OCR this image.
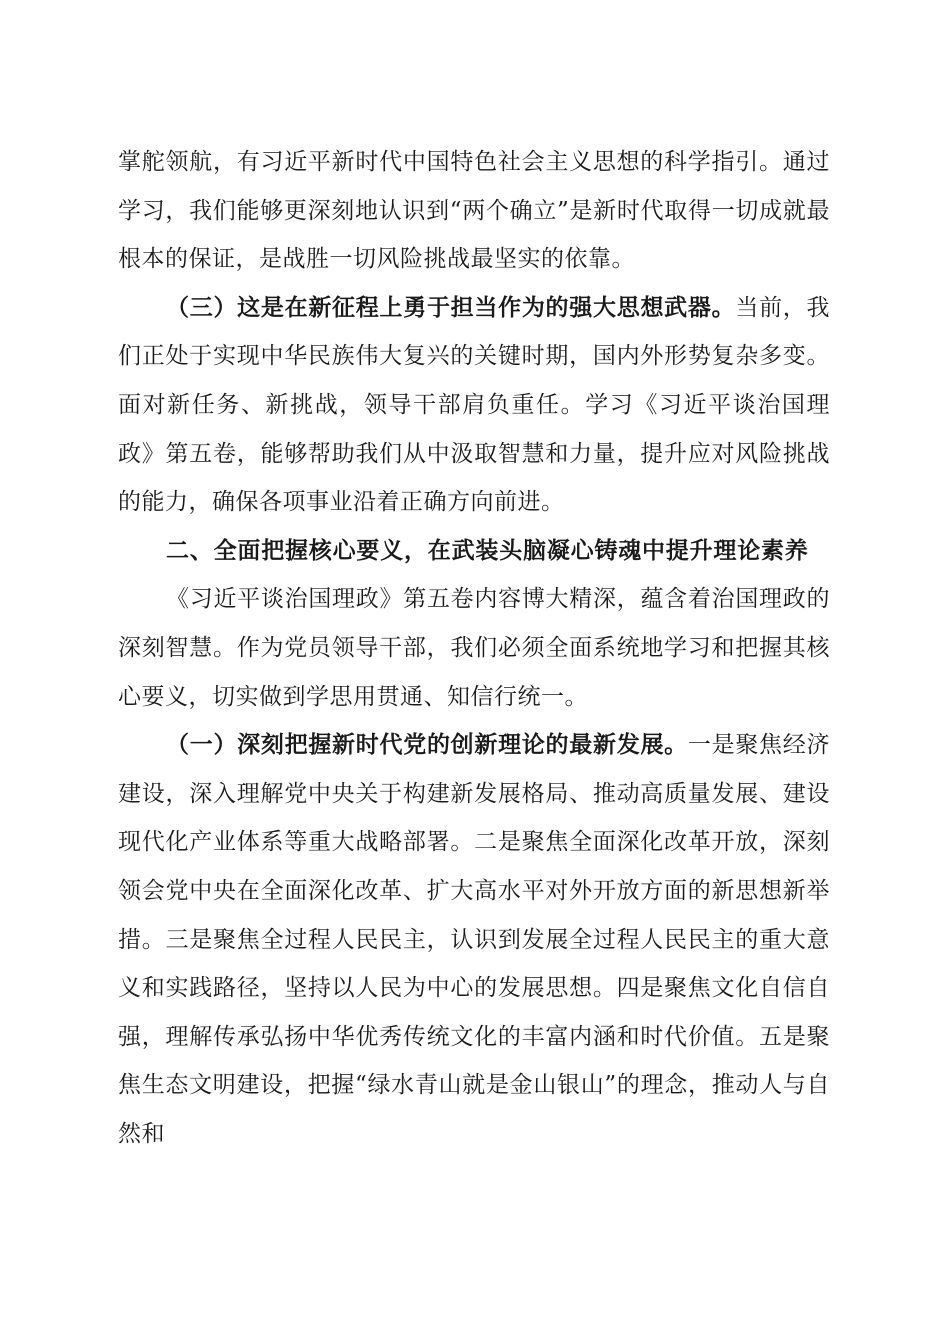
掌舵领航，有习近平新时代中国特色社会主义思想的科学指引。通过学习，我们能够更深刻地认识到“两个确立”是新时代取得一切成就最根本的保证，是战胜一切风险挑战最坚实的依靠。

（三）这是在新征程上勇于担当作为的强大思想武器。当前，我们正处于实现中华民族伟大复兴的关键时期，国内外形势复杂多变。面对新任务、新挑战，领导干部肩负重任。学习《习近平谈治国理政》第五卷，能够帮助我们从中汲取智慧和力量，提升应对风险挑战的能力，确保各项事业沿着正确方向前进。

二、全面把握核心要义，在武装头脑凝心铸魂中提升理论素养

《习近平谈治国理政》第五卷内容博大精深，蕴含着治国理政的深刻智慧。作为党员领导干部，我们必须全面系统地学习和把握其核心要义，切实做到学思用贯通、知信行统一。

（一）深刻把握新时代党的创新理论的最新发展。一是聚焦经济建设，深入理解党中央关于构建新发展格局、推动高质量发展、建设现代化产业体系等重大战略部署。二是聚焦全面深化改革开放，深刻领会党中央在全面深化改革、扩大高水平对外开放方面的新思想新举措。三是聚焦全过程人民民主，认识到发展全过程人民民主的重大意义和实践路径，坚持以人民为中心的发展思想。四是聚焦文化自信自强，理解传承弘扬中华优秀传统文化的丰富内涵和时代价值。五是聚焦生态文明建设，把握“绿水青山就是金山银山”的理念，推动人与自然和
